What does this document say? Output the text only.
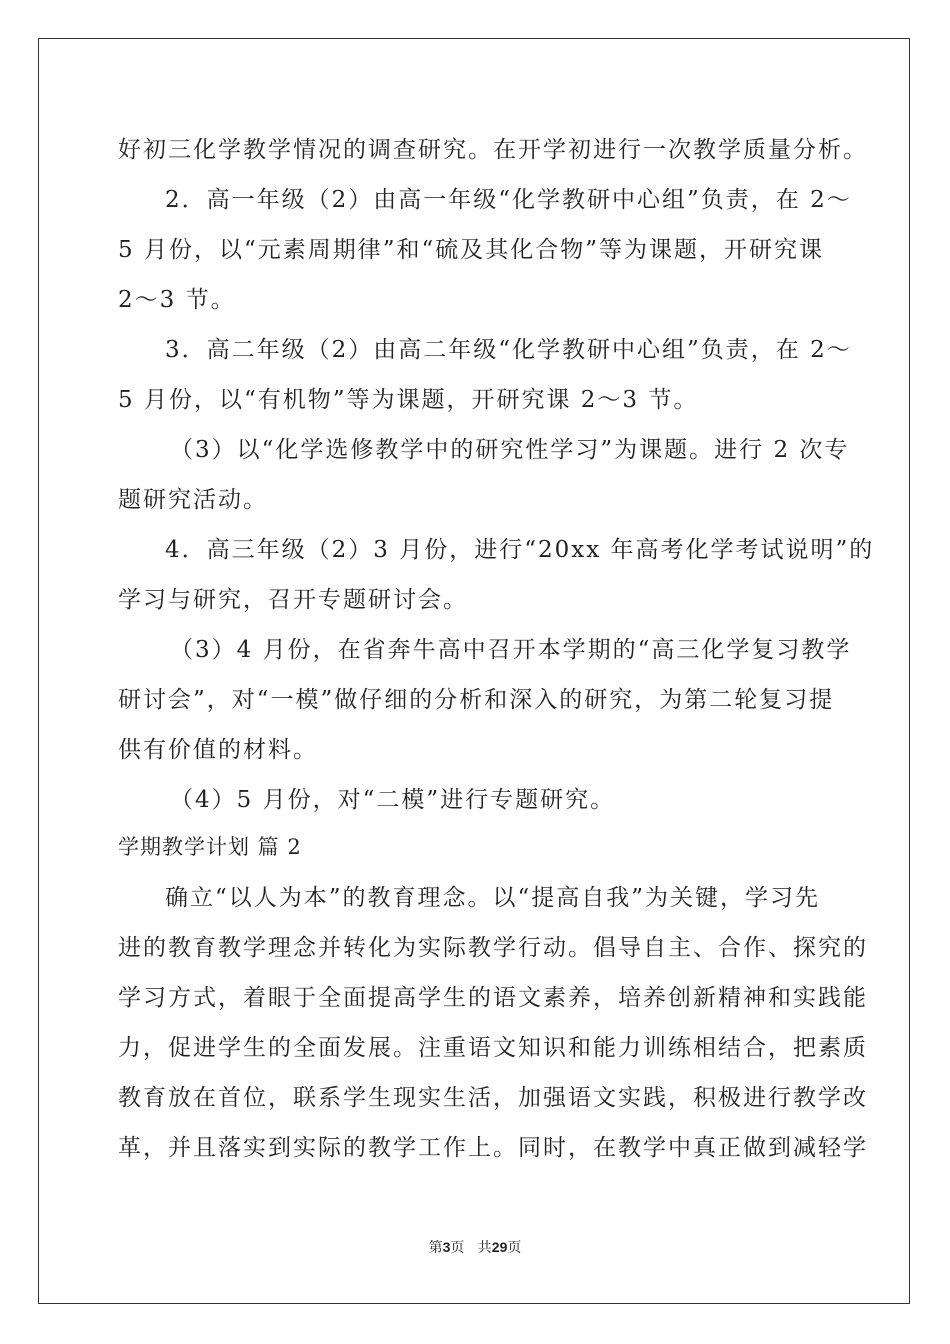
好初三化学教学情况的调查研究。在开学初进行一次教学质量分析。
2．高一年级（2）由高一年级“化学教研中心组”负责，在 2～
5 月份，以“元素周期律”和“硫及其化合物”等为课题，开研究课
2～3 节。
3．高二年级（2）由高二年级“化学教研中心组”负责，在 2～
5 月份，以“有机物”等为课题，开研究课 2～3 节。
（3）以“化学选修教学中的研究性学习”为课题。进行 2 次专
题研究活动。
4．高三年级（2）3 月份，进行“20xx 年高考化学考试说明”的
学习与研究，召开专题研讨会。
（3）4 月份，在省奔牛高中召开本学期的“高三化学复习教学
研讨会”，对“一模”做仔细的分析和深入的研究，为第二轮复习提
供有价值的材料。
（4）5 月份，对“二模”进行专题研究。
学期教学计划 篇 2
确立“以人为本”的教育理念。以“提高自我”为关键，学习先
进的教育教学理念并转化为实际教学行动。倡导自主、合作、探究的
学习方式，着眼于全面提高学生的语文素养，培养创新精神和实践能
力，促进学生的全面发展。注重语文知识和能力训练相结合，把素质
教育放在首位，联系学生现实生活，加强语文实践，积极进行教学改
革，并且落实到实际的教学工作上。同时，在教学中真正做到减轻学
第3页 共29页
